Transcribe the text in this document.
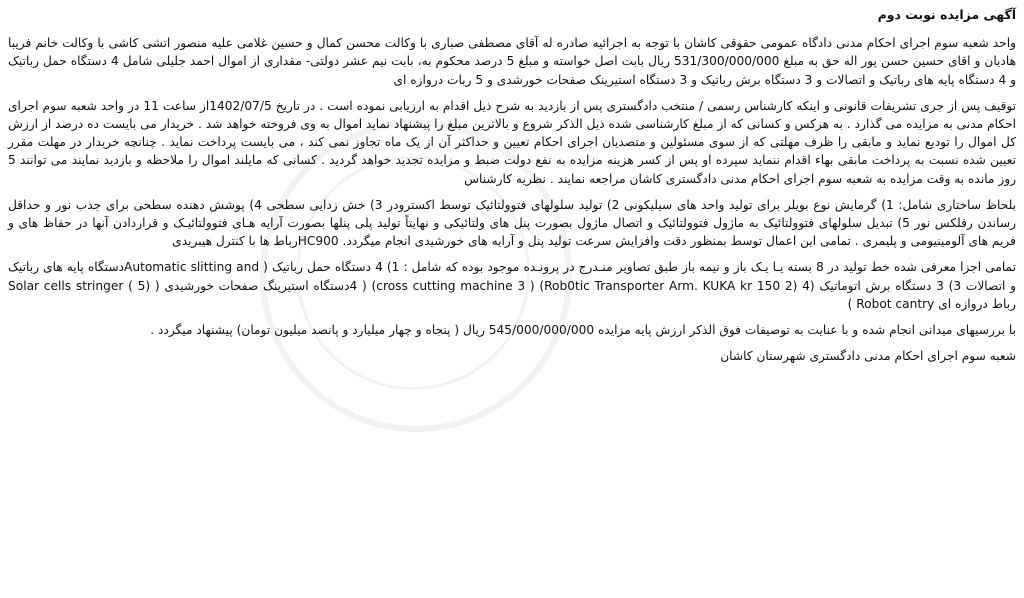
آگهی مزایده نوبت دوم

واحد شعبه سوم اجرای احکام مدنی دادگاه عمومی حقوقی کاشان با توجه به اجرائیه صادره له آقای مصطفی صباری با وکالت محسن کمال و حسین غلامی علیه منصور اتشی کاشی با وکالت خانم فریبا هادیان و اقای حسین حسن پور اله حق به مبلغ 531/300/000/000 ریال بابت اصل خواسته و مبلغ 5 درصد محکوم به، بابت نیم عشر دولتی- مقداری از اموال احمد جلیلی شامل 4 دستگاه حمل رباتیک و 4 دستگاه پایه های رباتیک و اتصالات و 3 دستگاه برش رباتیک و 3 دستگاه استیرینک صفحات خورشدی و 5 ربات دروازه ای

توقیف پس از جری تشریفات قانونی و اینکه کارشناس رسمی / منتخب دادگستری پس از بازدید به شرح ذیل اقدام به ارزیابی نموده است . در تاریخ 1402/07/5از ساعت 11 در واحد شعبه سوم اجرای احکام مدنی به مزایده می گذارد . به هرکس و کسانی که از مبلغ کارشناسی شده ذیل الذکر شروع و بالاترین مبلغ را پیشنهاد نماید اموال به وی فروخته خواهد شد . خریدار می بایست ده درصد از ارزش کل اموال را تودیع نماید و مابقی را ظرف مهلتی که از سوی مسئولین و متصدیان اجرای احکام تعیین و حداکثر آن از یک ماه تجاوز نمی کند ، می بایست پرداخت نماید . چنانچه خریدار در مهلت مقرر تعیین شده نسبت به پرداخت مابقی بهاء اقدام ننماید سپرده او پس از کسر هزینه مزایده به نفع دولت ضبط و مزایده تجدید خواهد گردید . کسانی که مایلند اموال را ملاحظه و بازدید نمایند می توانند 5 روز مانده به وقت مزایده به شعبه سوم اجرای احکام مدنی دادگستری کاشان مراجعه نمایند . نظریه کارشناس

بلحاظ ساختاری شامل: 1) گرمایش نوع بویلر برای تولید واحد های سیلیکونی 2) تولید سلولهای فتوولتائیک توسط اکسترودر 3) خش زدایی سطحی 4) پوشش دهنده سطحی برای جذب نور و حداقل رساندن رفلکس نور 5) تبدیل سلولهای فتوولتائیک به ماژول فتوولتائیک و اتصال ماژول بصورت پنل های ولتائیکی و نهایتاً تولید پلی پنلها بصورت آرایه هـای فتوولتائیـک و قراردادن آنها در حفاظ های و فریم های آلومینیومی و پلیمری . تمامی این اعمال توسط بمنظور دقت وافزایش سرعت تولید پنل و آرایه های خورشیدی انجام میگردد. HC900رباط ها با کنترل هیبریدی

تمامی اجزا معرفی شده خط تولید در 8 بسته یـا یـک باز و نیمه باز طبق تصاویر منـدرج در پرونـده موجود بوده که شامل : 1) 4 دستگاه حمل رباتیک ( Automatic slitting andدستگاه پایه های رباتیک و اتصالات 3) 3 دستگاه برش اتوماتیک (4 (2 Rob0tic Transporter Arm. KUKA kr 150) ( cross cutting machine 3) ( 4دستگاه استیرینگ صفحات خورشیدی ( Solar cells stringer ( 5) رباط دروازه ای Robot cantry )

با بررسیهای میدانی انجام شده و با عنایت به توصیفات فوق الذکر ارزش پایه مزایده 545/000/000/000 ریال ( پنجاه و چهار میلیارد و پانصد میلیون تومان) پیشنهاد میگردد .

شعبه سوم اجرای احکام مدنی دادگستری شهرستان کاشان
